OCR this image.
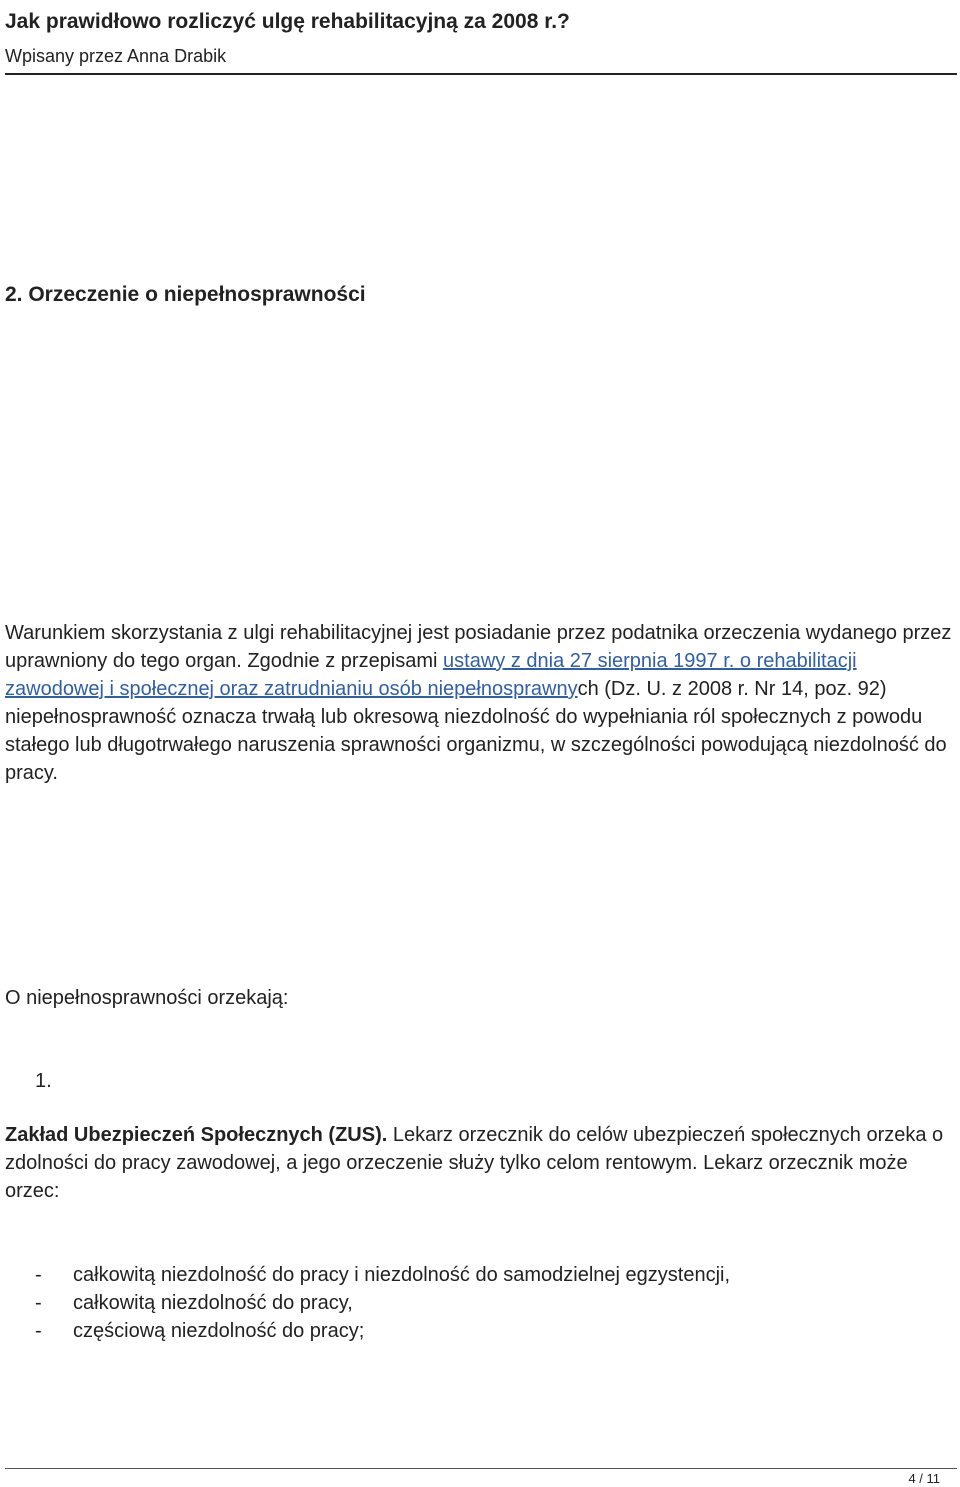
Jak prawidłowo rozliczyć ulgę rehabilitacyjną za 2008 r.?
Wpisany przez Anna Drabik
2. Orzeczenie o niepełnosprawności
Warunkiem skorzystania z ulgi rehabilitacyjnej jest posiadanie przez podatnika orzeczenia wydanego przez uprawniony do tego organ. Zgodnie z przepisami ustawy z dnia 27 sierpnia 1997 r. o rehabilitacji zawodowej i społecznej oraz zatrudnianiu osób niepełnosprawnych (Dz. U. z 2008 r. Nr 14, poz. 92) niepełnosprawność oznacza trwałą lub okresową niezdolność do wypełniania ról społecznych z powodu stałego lub długotrwałego naruszenia sprawności organizmu, w szczególności powodującą niezdolność do pracy.
O niepełnosprawności orzekają:
1.
Zakład Ubezpieczeń Społecznych (ZUS). Lekarz orzecznik do celów ubezpieczeń społecznych orzeka o zdolności do pracy zawodowej, a jego orzeczenie służy tylko celom rentowym. Lekarz orzecznik może orzec:
- całkowitą niezdolność do pracy i niezdolność do samodzielnej egzystencji,
- całkowitą niezdolność do pracy,
- częściową niezdolność do pracy;
4 / 11
